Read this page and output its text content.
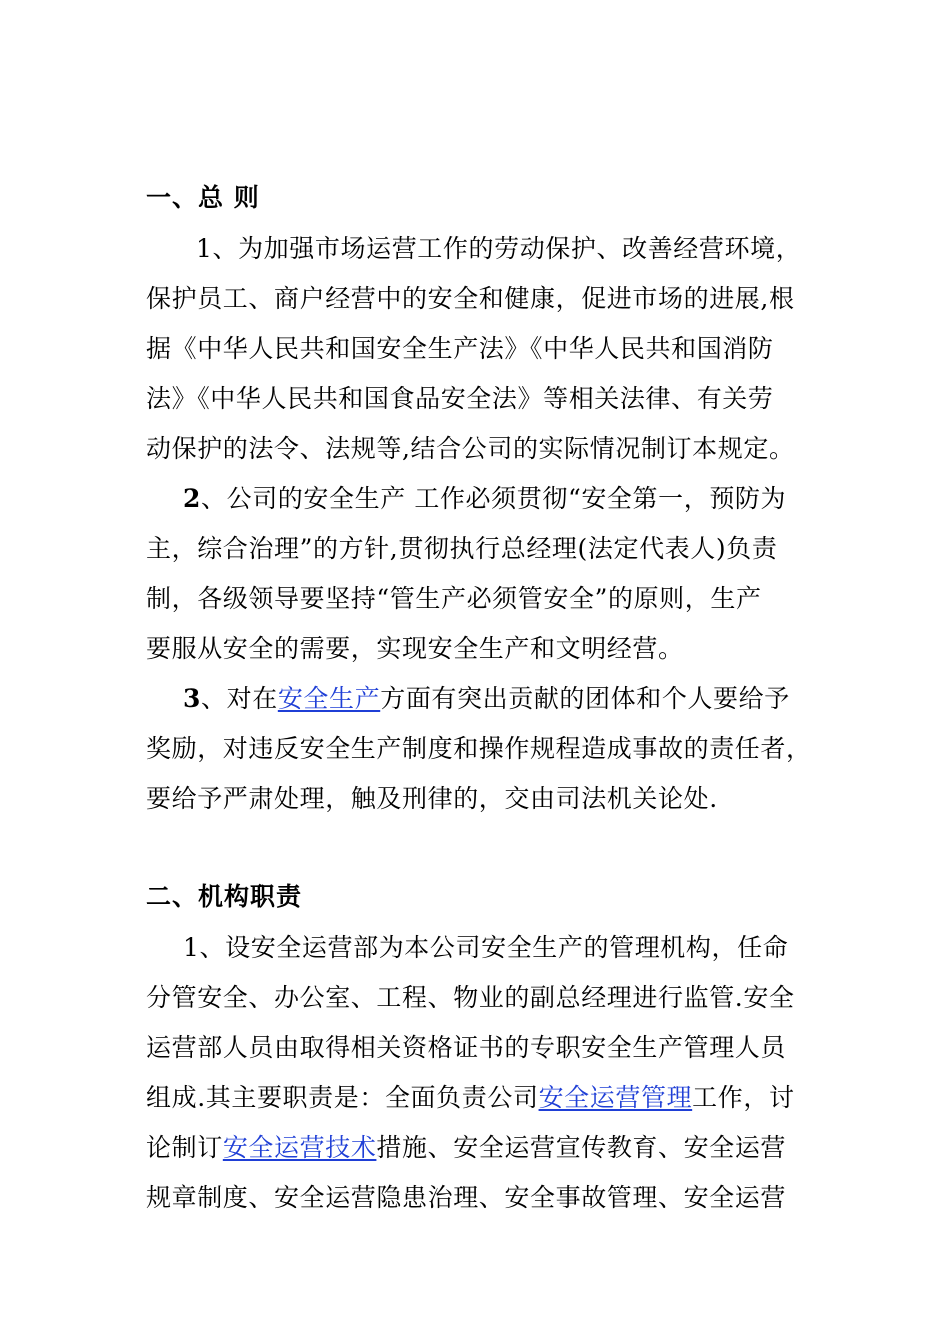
一、总 则
1、为加强市场运营工作的劳动保护、改善经营环境，
保护员工、商户经营中的安全和健康，促进市场的进展,根
据《中华人民共和国安全生产法》《中华人民共和国消防
法》《中华人民共和国食品安全法》等相关法律、有关劳
动保护的法令、法规等,结合公司的实际情况制订本规定。
2、公司的安全生产 工作必须贯彻“安全第一，预防为
主，综合治理”的方针,贯彻执行总经理(法定代表人)负责
制，各级领导要坚持“管生产必须管安全”的原则，生产
要服从安全的需要，实现安全生产和文明经营。
3、对在安全生产方面有突出贡献的团体和个人要给予
奖励，对违反安全生产制度和操作规程造成事故的责任者，
要给予严肃处理，触及刑律的，交由司法机关论处.
二、机构职责
1、设安全运营部为本公司安全生产的管理机构，任命
分管安全、办公室、工程、物业的副总经理进行监管.安全
运营部人员由取得相关资格证书的专职安全生产管理人员
组成.其主要职责是：全面负责公司安全运营管理工作，讨
论制订安全运营技术措施、安全运营宣传教育、安全运营
规章制度、安全运营隐患治理、安全事故管理、安全运营
